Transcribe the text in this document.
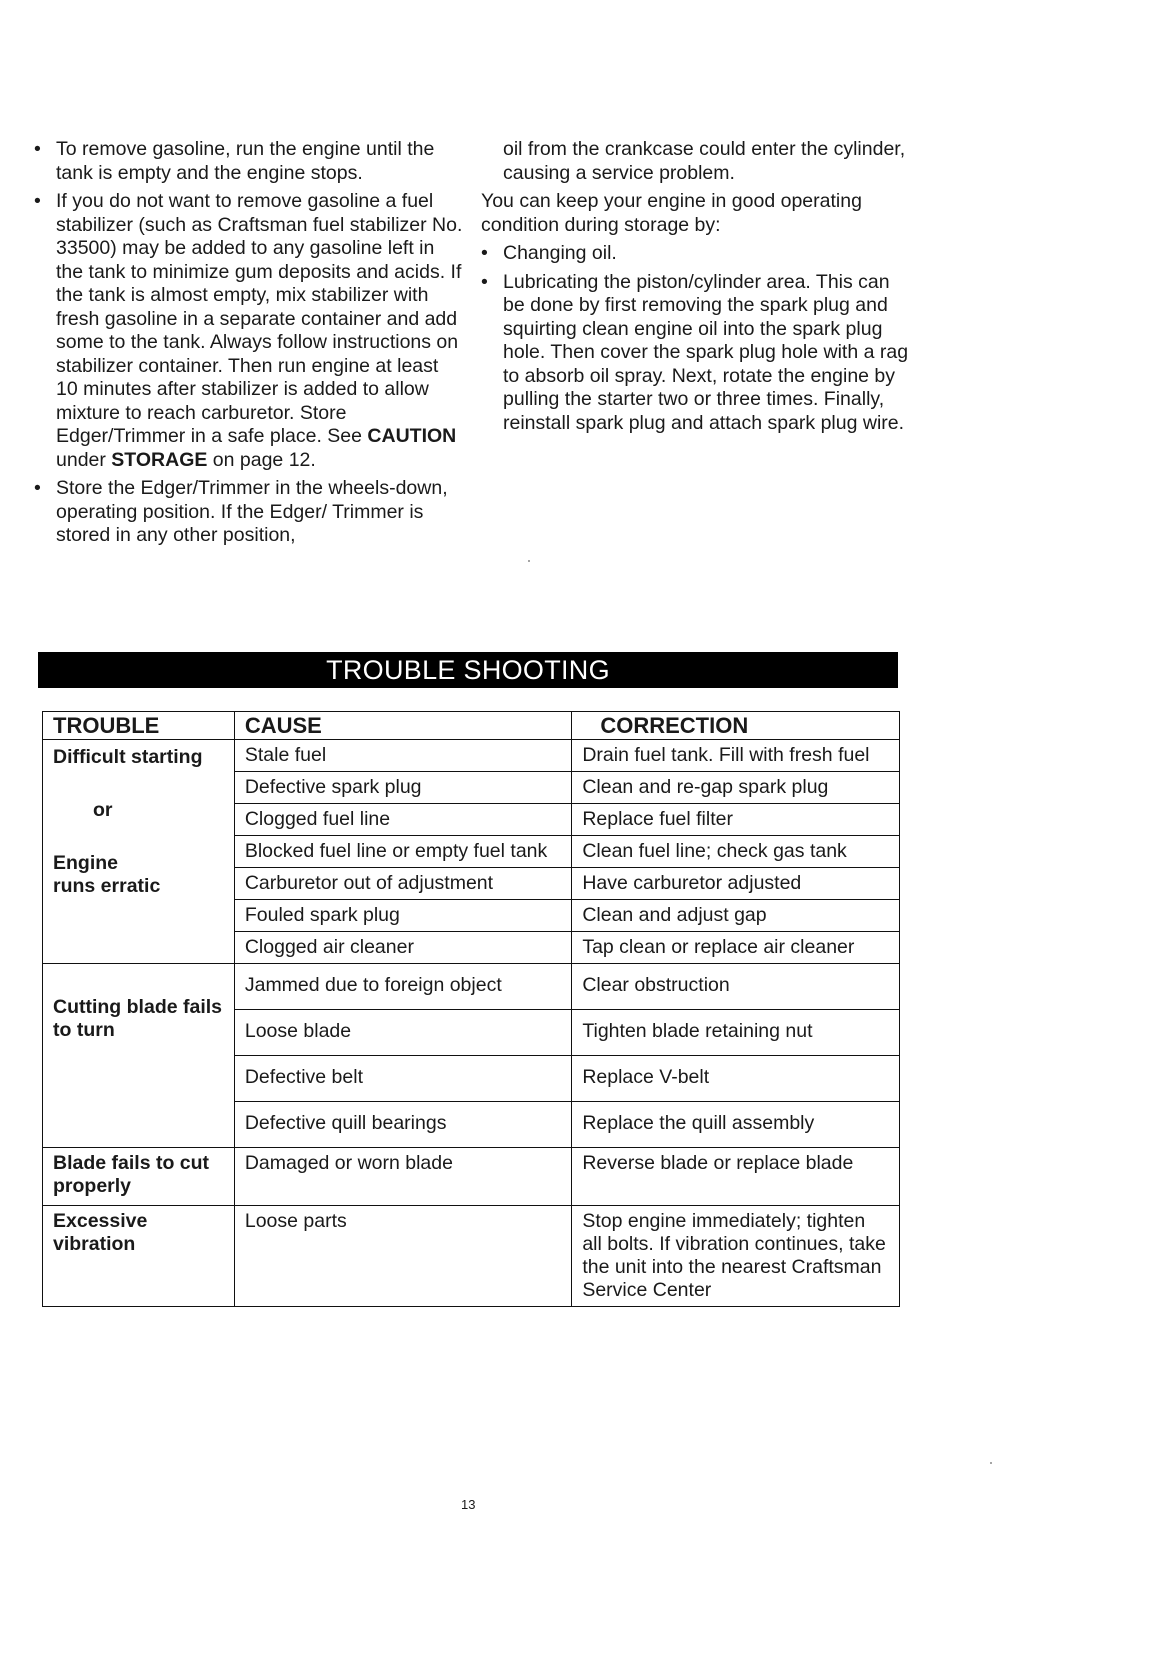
• To remove gasoline, run the engine until the tank is empty and the engine stops.
• If you do not want to remove gasoline a fuel stabilizer (such as Craftsman fuel stabilizer No. 33500) may be added to any gasoline left in the tank to minimize gum deposits and acids. If the tank is almost empty, mix stabilizer with fresh gasoline in a separate container and add some to the tank. Always follow instructions on stabilizer container. Then run engine at least 10 minutes after stabilizer is added to allow mixture to reach carburetor. Store Edger/Trimmer in a safe place. See CAUTION under STORAGE on page 12.
• Store the Edger/Trimmer in the wheels-down, operating position. If the Edger/ Trimmer is stored in any other position,

oil from the crankcase could enter the cylinder, causing a service problem.

You can keep your engine in good operating condition during storage by:

• Changing oil.
• Lubricating the piston/cylinder area. This can be done by first removing the spark plug and squirting clean engine oil into the spark plug hole. Then cover the spark plug hole with a rag to absorb oil spray. Next, rotate the engine by pulling the starter two or three times. Finally, reinstall spark plug and attach spark plug wire.
TROUBLE SHOOTING
TROUBLE	CAUSE	CORRECTION

Difficult starting
or
Engine runs erratic	Stale fuel	Drain fuel tank. Fill with fresh fuel
	Defective spark plug	Clean and re-gap spark plug
	Clogged fuel line	Replace fuel filter
	Blocked fuel line or empty fuel tank	Clean fuel line; check gas tank
	Carburetor out of adjustment	Have carburetor adjusted
	Fouled spark plug	Clean and adjust gap
	Clogged air cleaner	Tap clean or replace air cleaner

Cutting blade fails to turn	Jammed due to foreign object	Clear obstruction
	Loose blade	Tighten blade retaining nut
	Defective belt	Replace V-belt
	Defective quill bearings	Replace the quill assembly

Blade fails to cut properly	Damaged or worn blade	Reverse blade or replace blade

Excessive vibration	Loose parts	Stop engine immediately; tighten all bolts. If vibration continues, take the unit into the nearest Craftsman Service Center
13
